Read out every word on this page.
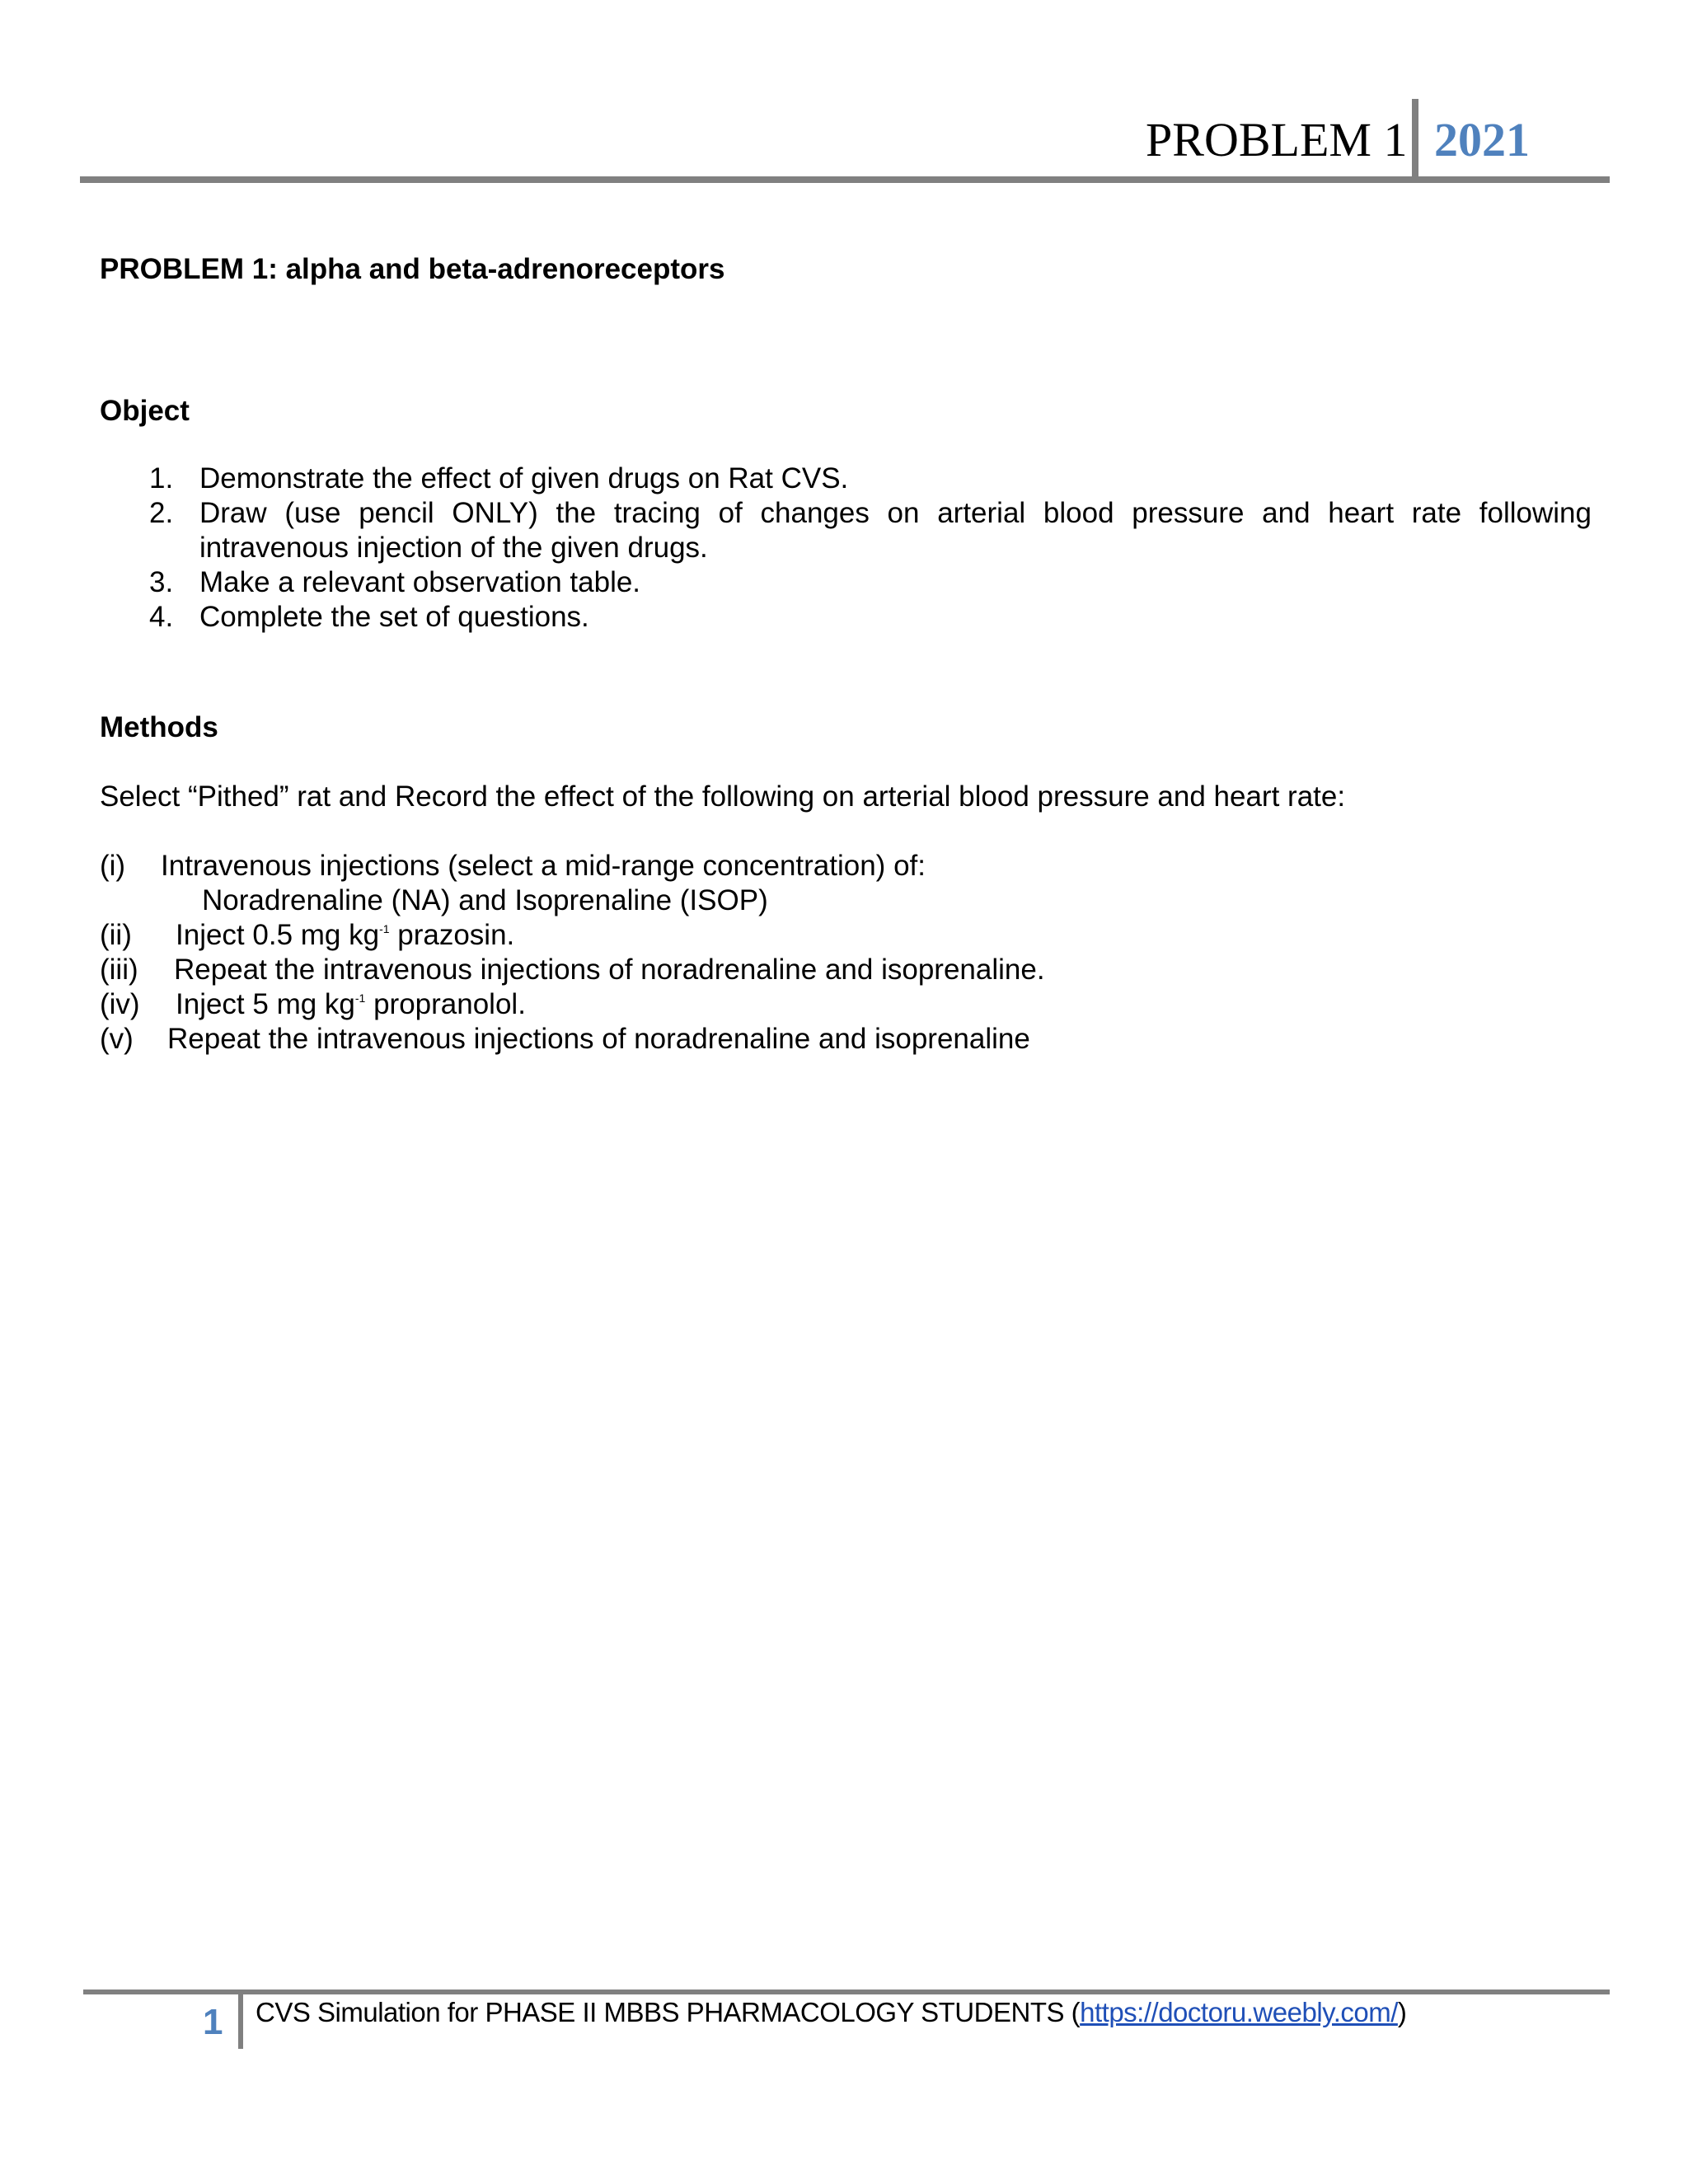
PROBLEM 1 2021
PROBLEM 1: alpha and beta-adrenoreceptors
Object
1. Demonstrate the effect of given drugs on Rat CVS.
2. Draw (use pencil ONLY) the tracing of changes on arterial blood pressure and heart rate following intravenous injection of the given drugs.
3. Make a relevant observation table.
4. Complete the set of questions.
Methods
Select “Pithed” rat and Record the effect of the following on arterial blood pressure and heart rate:
(i) Intravenous injections (select a mid-range concentration) of:
Noradrenaline (NA) and Isoprenaline (ISOP)
(ii) Inject 0.5 mg $kg^{-1}$ prazosin.
(iii) Repeat the intravenous injections of noradrenaline and isoprenaline.
(iv) Inject 5 mg $kg^{-1}$ propranolol.
(v) Repeat the intravenous injections of noradrenaline and isoprenaline
1 CVS Simulation for PHASE II MBBS PHARMACOLOGY STUDENTS (https://doctoru.weebly.com/)
